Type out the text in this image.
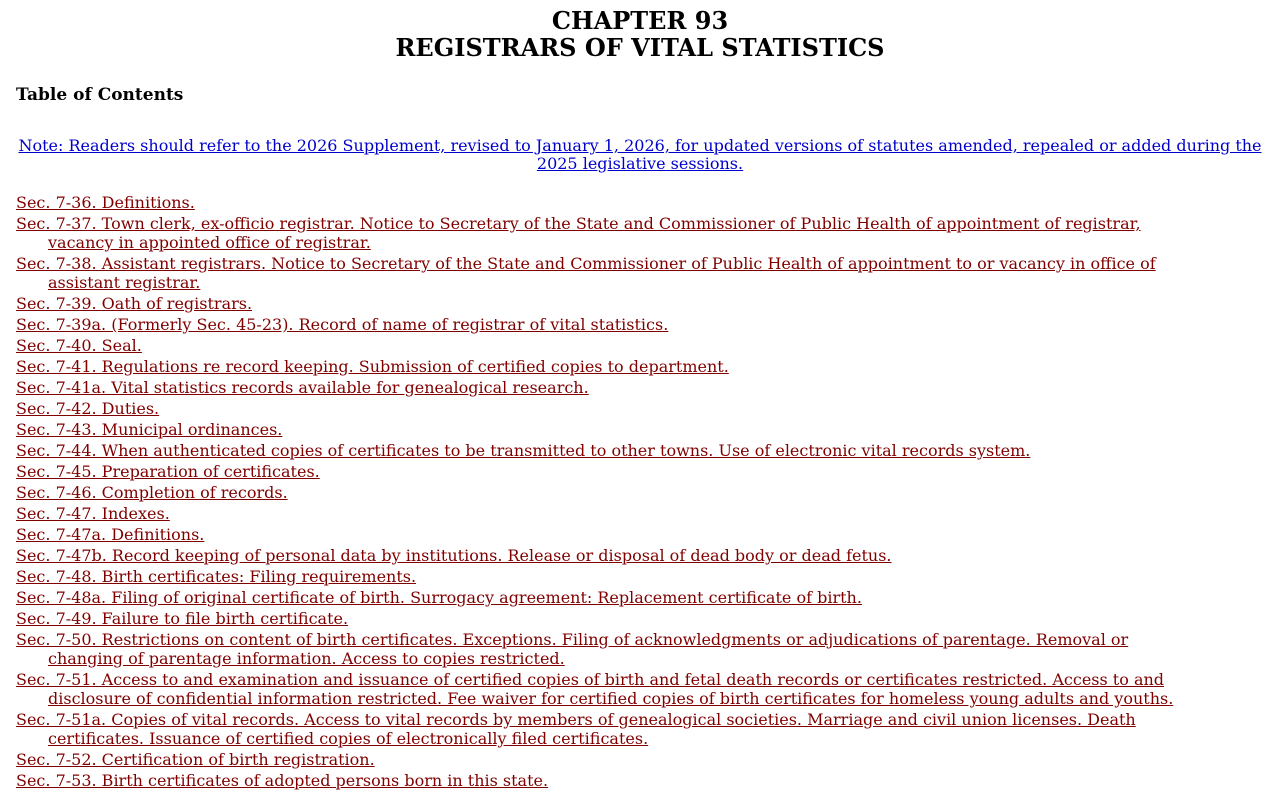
CHAPTER 93
REGISTRARS OF VITAL STATISTICS

Table of Contents

Note: Readers should refer to the 2026 Supplement, revised to January 1, 2026, for updated versions of statutes amended, repealed or added during the 2025 legislative sessions.
Sec. 7-36. Definitions.
Sec. 7-37. Town clerk, ex-officio registrar. Notice to Secretary of the State and Commissioner of Public Health of appointment of registrar, vacancy in appointed office of registrar.
Sec. 7-38. Assistant registrars. Notice to Secretary of the State and Commissioner of Public Health of appointment to or vacancy in office of assistant registrar.
Sec. 7-39. Oath of registrars.
Sec. 7-39a. (Formerly Sec. 45-23). Record of name of registrar of vital statistics.
Sec. 7-40. Seal.
Sec. 7-41. Regulations re record keeping. Submission of certified copies to department.
Sec. 7-41a. Vital statistics records available for genealogical research.
Sec. 7-42. Duties.
Sec. 7-43. Municipal ordinances.
Sec. 7-44. When authenticated copies of certificates to be transmitted to other towns. Use of electronic vital records system.
Sec. 7-45. Preparation of certificates.
Sec. 7-46. Completion of records.
Sec. 7-47. Indexes.
Sec. 7-47a. Definitions.
Sec. 7-47b. Record keeping of personal data by institutions. Release or disposal of dead body or dead fetus.
Sec. 7-48. Birth certificates: Filing requirements.
Sec. 7-48a. Filing of original certificate of birth. Surrogacy agreement: Replacement certificate of birth.
Sec. 7-49. Failure to file birth certificate.
Sec. 7-50. Restrictions on content of birth certificates. Exceptions. Filing of acknowledgments or adjudications of parentage. Removal or changing of parentage information. Access to copies restricted.
Sec. 7-51. Access to and examination and issuance of certified copies of birth and fetal death records or certificates restricted. Access to and disclosure of confidential information restricted. Fee waiver for certified copies of birth certificates for homeless young adults and youths.
Sec. 7-51a. Copies of vital records. Access to vital records by members of genealogical societies. Marriage and civil union licenses. Death certificates. Issuance of certified copies of electronically filed certificates.
Sec. 7-52. Certification of birth registration.
Sec. 7-53. Birth certificates of adopted persons born in this state.
